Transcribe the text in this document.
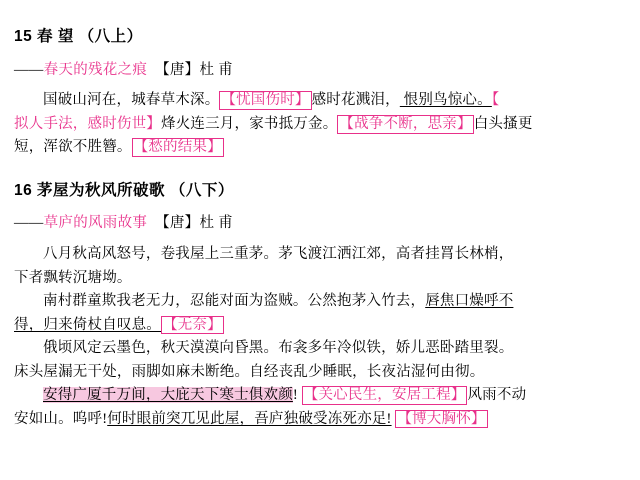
15 春 望 （八上）
——春天的残花之痕 【唐】杜 甫
国破山河在，城春草木深。 【忧国伤时】 感时花溅泪， 恨别鸟惊心。【
拟人手法，感时伤世】烽火连三月，家书抵万金。 【战争不断，思亲】 白头搔更
短，浑欲不胜簪。 【愁的结果】
16 茅屋为秋风所破歌 （八下）
——草庐的风雨故事 【唐】杜 甫
八月秋高风怒号，卷我屋上三重茅。茅飞渡江洒江郊，高者挂罥长林梢，
下者飘转沉塘坳。
南村群童欺我老无力，忍能对面为盗贼。公然抱茅入竹去，唇焦口燥呼不
得，归来倚杖自叹息。 【无奈】
俄顷风定云墨色，秋天漠漠向昏黑。布衾多年冷似铁，娇儿恶卧踏里裂。
床头屋漏无干处，雨脚如麻未断绝。自经丧乱少睡眠，长夜沾湿何由彻。
安得广厦千万间，大庇天下寒士俱欢颜! 【关心民生，安居工程】 风雨不动
安如山。呜呼!何时眼前突兀见此屋，吾庐独破受冻死亦足! 【博大胸怀】
